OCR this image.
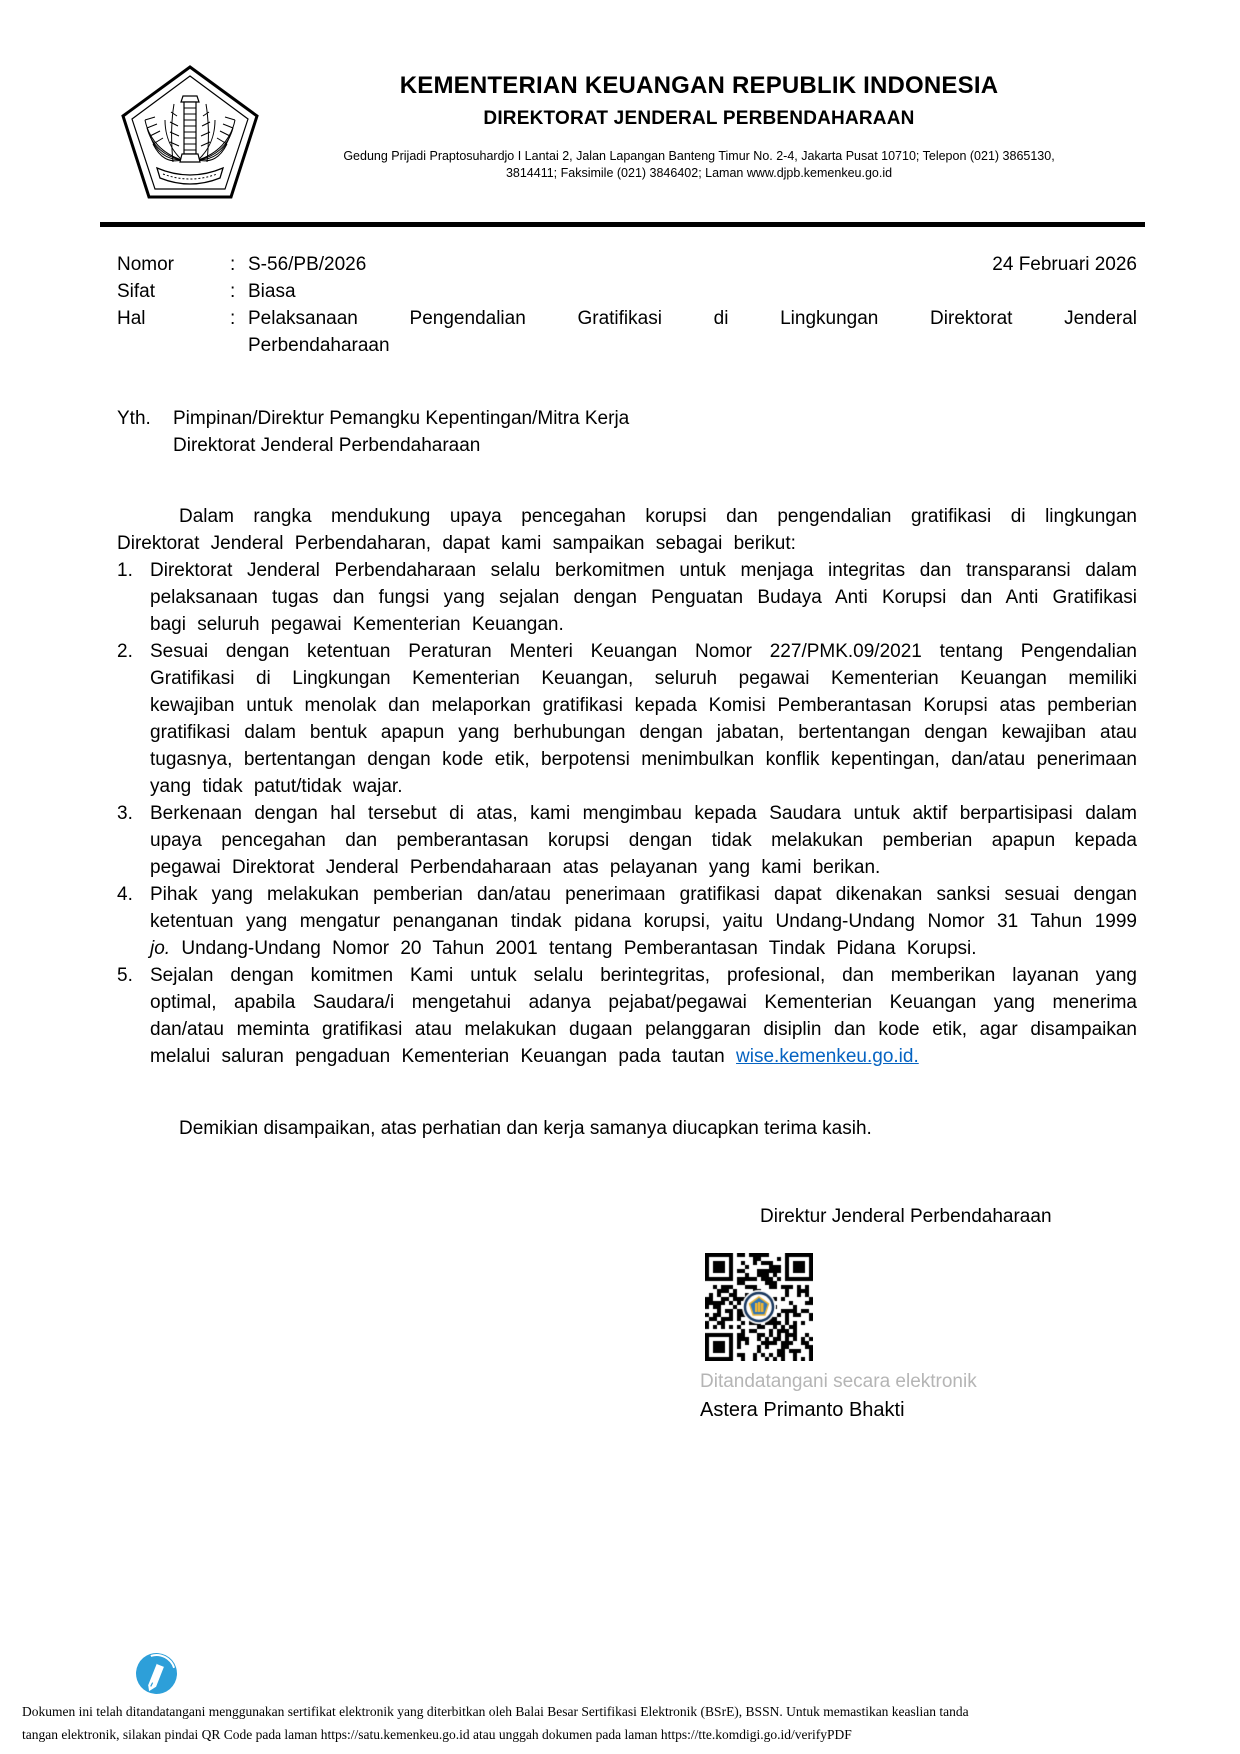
KEMENTERIAN KEUANGAN REPUBLIK INDONESIA
DIREKTORAT JENDERAL PERBENDAHARAAN
Gedung Prijadi Praptosuhardjo I Lantai 2, Jalan Lapangan Banteng Timur No. 2-4, Jakarta Pusat 10710; Telepon (021) 3865130,
3814411; Faksimile (021) 3846402; Laman www.djpb.kemenkeu.go.id
Nomor	: S-56/PB/2026	24 Februari 2026
Sifat	: Biasa
Hal	: Pelaksanaan Pengendalian Gratifikasi di Lingkungan Direktorat Jenderal
Perbendaharaan
Yth.	Pimpinan/Direktur Pemangku Kepentingan/Mitra Kerja
Direktorat Jenderal Perbendaharaan

Dalam rangka mendukung upaya pencegahan korupsi dan pengendalian gratifikasi di lingkungan Direktorat Jenderal Perbendaharan, dapat kami sampaikan sebagai berikut:

1. Direktorat Jenderal Perbendaharaan selalu berkomitmen untuk menjaga integritas dan transparansi dalam pelaksanaan tugas dan fungsi yang sejalan dengan Penguatan Budaya Anti Korupsi dan Anti Gratifikasi bagi seluruh pegawai Kementerian Keuangan.
2. Sesuai dengan ketentuan Peraturan Menteri Keuangan Nomor 227/PMK.09/2021 tentang Pengendalian Gratifikasi di Lingkungan Kementerian Keuangan, seluruh pegawai Kementerian Keuangan memiliki kewajiban untuk menolak dan melaporkan gratifikasi kepada Komisi Pemberantasan Korupsi atas pemberian gratifikasi dalam bentuk apapun yang berhubungan dengan jabatan, bertentangan dengan kewajiban atau tugasnya, bertentangan dengan kode etik, berpotensi menimbulkan konflik kepentingan, dan/atau penerimaan yang tidak patut/tidak wajar.
3. Berkenaan dengan hal tersebut di atas, kami mengimbau kepada Saudara untuk aktif berpartisipasi dalam upaya pencegahan dan pemberantasan korupsi dengan tidak melakukan pemberian apapun kepada pegawai Direktorat Jenderal Perbendaharaan atas pelayanan yang kami berikan.
4. Pihak yang melakukan pemberian dan/atau penerimaan gratifikasi dapat dikenakan sanksi sesuai dengan ketentuan yang mengatur penanganan tindak pidana korupsi, yaitu Undang-Undang Nomor 31 Tahun 1999 jo. Undang-Undang Nomor 20 Tahun 2001 tentang Pemberantasan Tindak Pidana Korupsi.
5. Sejalan dengan komitmen Kami untuk selalu berintegritas, profesional, dan memberikan layanan yang optimal, apabila Saudara/i mengetahui adanya pejabat/pegawai Kementerian Keuangan yang menerima dan/atau meminta gratifikasi atau melakukan dugaan pelanggaran disiplin dan kode etik, agar disampaikan melalui saluran pengaduan Kementerian Keuangan pada tautan wise.kemenkeu.go.id.

Demikian disampaikan, atas perhatian dan kerja samanya diucapkan terima kasih.

Direktur Jenderal Perbendaharaan
Ditandatangani secara elektronik
Astera Primanto Bhakti
Dokumen ini telah ditandatangani menggunakan sertifikat elektronik yang diterbitkan oleh Balai Besar Sertifikasi Elektronik (BSrE), BSSN. Untuk memastikan keaslian tanda
tangan elektronik, silakan pindai QR Code pada laman https://satu.kemenkeu.go.id atau unggah dokumen pada laman https://tte.komdigi.go.id/verifyPDF
